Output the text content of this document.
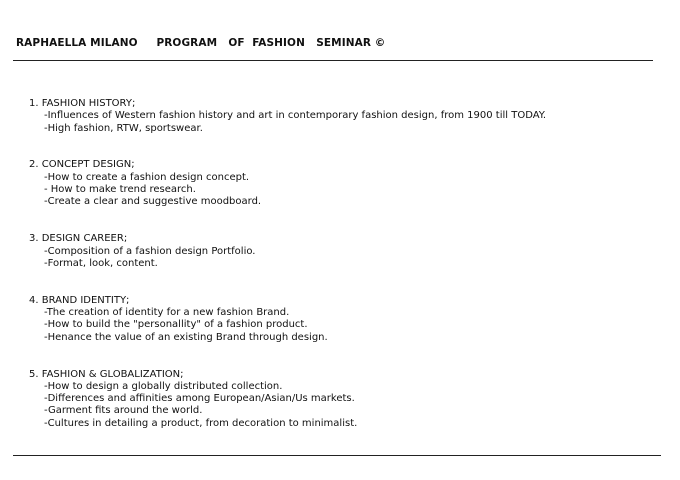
RAPHAELLA MILANO PROGRAM   OF  FASHION   SEMINAR ©
1. FASHION HISTORY;
-Influences of Western fashion history and art in contemporary fashion design, from 1900 till TODAY.
-High fashion, RTW, sportswear.
2. CONCEPT DESIGN;
-How to create a fashion design concept.
- How to make trend research.
-Create a clear and suggestive moodboard.
3. DESIGN CAREER;
-Composition of a fashion design Portfolio.
-Format, look, content.
4. BRAND IDENTITY;
-The creation of identity for a new fashion Brand.
-How to build the "personallity" of a fashion product.
-Henance the value of an existing Brand through design.
5. FASHION & GLOBALIZATION;
-How to design a globally distributed collection.
-Differences and affinities among European/Asian/Us markets.
-Garment fits around the world.
-Cultures in detailing a product, from decoration to minimalist.
